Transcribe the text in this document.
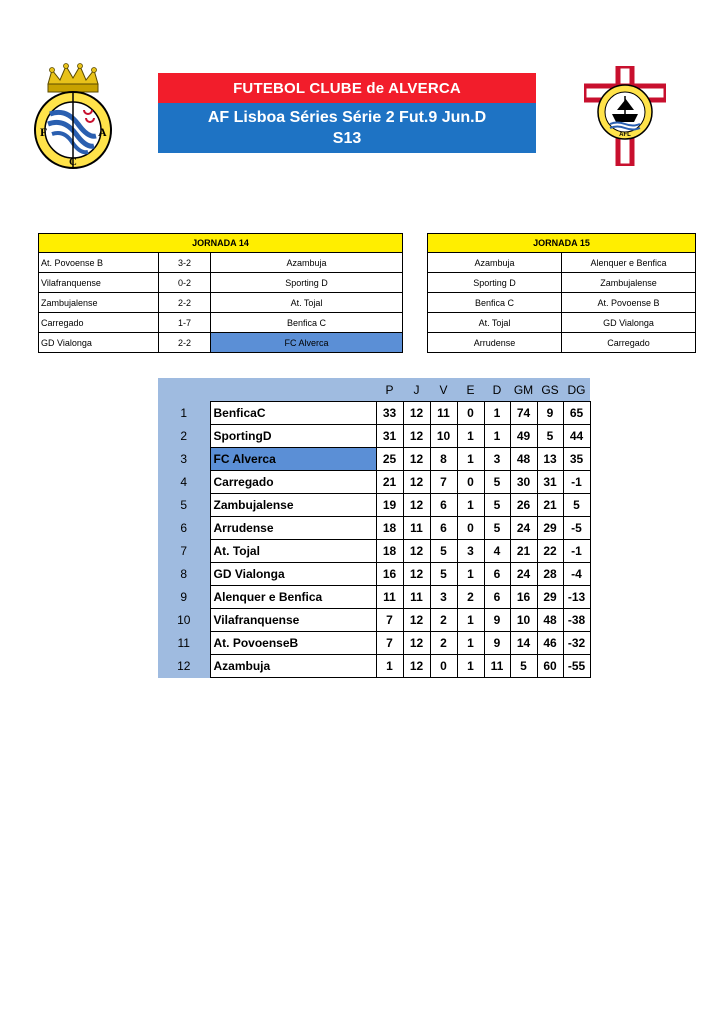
F	A
C
FUTEBOL CLUBE de ALVERCA
AF Lisboa Séries Série 2 Fut.9 Jun.D
S13	AFL
JORNADA 14		
At. Povoense B	3-2	Azambuja
Vilafranquense	0-2	Sporting D
Zambujalense	2-2	At. Tojal
Carregado	1-7	Benfica C
GD Vialonga	2-2	FC Alverca
JORNADA 15	
Azambuja	Alenquer e Benfica
Sporting D	Zambujalense
Benfica C	At. Povoense B
At. Tojal	GD Vialonga
Arrudense	Carregado
		P	J	V	E	D	GM	GS	DG
1	BenficaC	33	12	11	0	1	74	9	65
2	SportingD	31	12	10	1	1	49	5	44
3	FC Alverca	25	12	8	1	3	48	13	35
4	Carregado	21	12	7	0	5	30	31	-1
5	Zambujalense	19	12	6	1	5	26	21	5
6	Arrudense	18	11	6	0	5	24	29	-5
7	At. Tojal	18	12	5	3	4	21	22	-1
8	GD Vialonga	16	12	5	1	6	24	28	-4
9	Alenquer e Benfica	11	11	3	2	6	16	29	-13
10	Vilafranquense	7	12	2	1	9	10	48	-38
11	At. PovoenseB	7	12	2	1	9	14	46	-32
12	Azambuja	1	12	0	1	11	5	60	-55
